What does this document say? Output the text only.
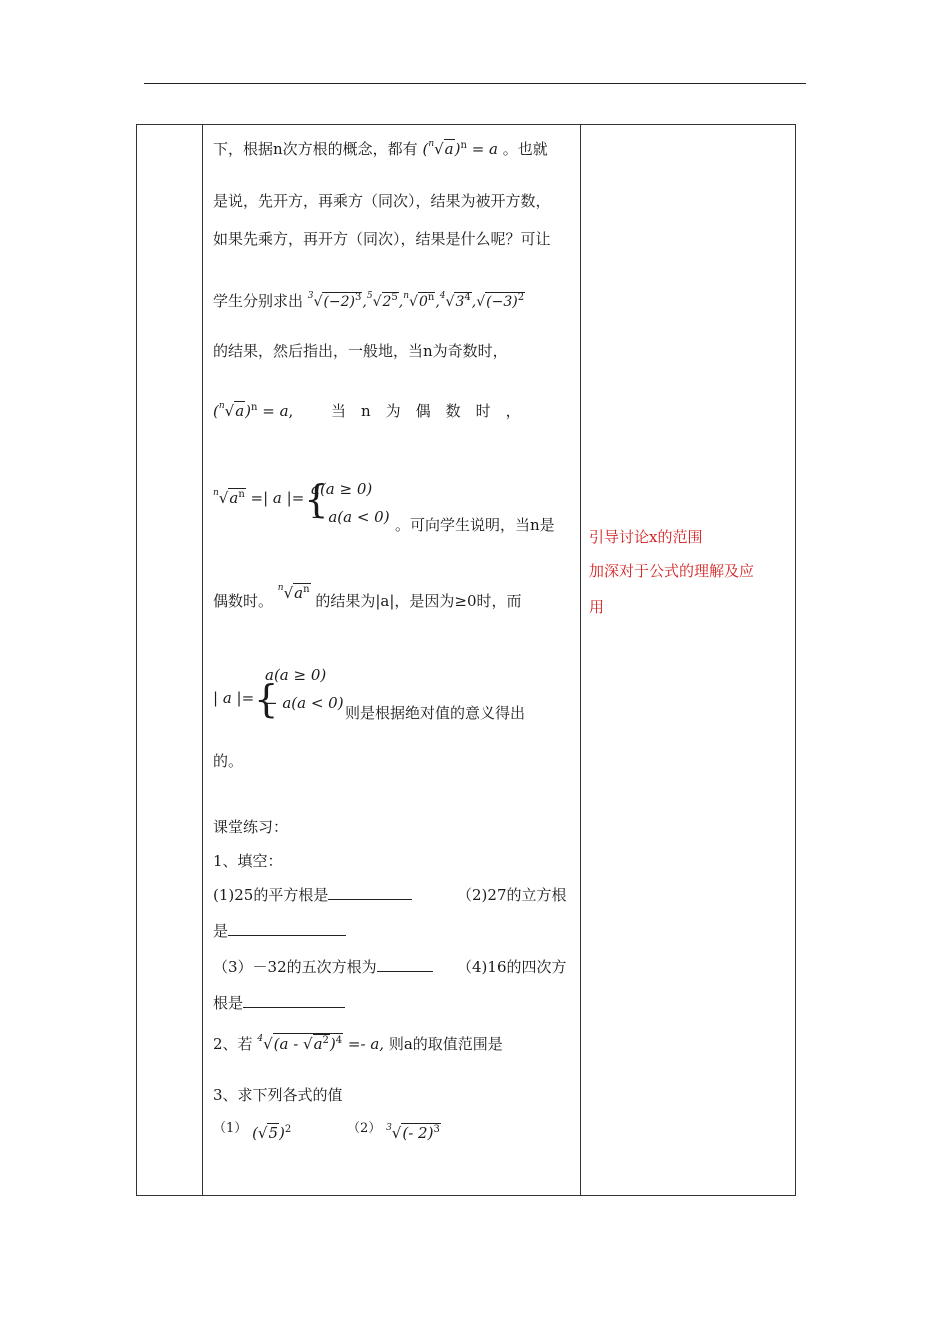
下，根据n次方根的概念，都有 $(^n√a)^n = a$ 。也就
是说，先开方，再乘方（同次），结果为被开方数，
如果先乘方，再开方（同次），结果是什么呢？可让
学生分别求出 $^3√(-2)^3,^5√2^5,^n√0^n,^4√3^4,√(-3)^2$
的结果，然后指出，一般地，当n为奇数时，
$(^n√a)^n = a$,	当　n　为　偶　数　时　，
$^n√a^n$ =| a |={
a(a ≥ 0)
− a(a < 0) 。可向学生说明，当n是
偶数时。 $^n√a^n$ 的结果为|a|，是因为≥0时，而
| a |={
a(a ≥ 0)
− a(a < 0)
则是根据绝对值的意义得出
的。
课堂练习：
1、填空：
(1)25的平方根是	（2)27的立方根
是
（3）－32的五次方根为	（4)16的四次方
根是
2、若 $^4√(a - √a^2)^4 =- a$, 则a的取值范围是
3、求下列各式的值
（1） $(√5)^2$	（2） $^3$√(- 2)$^3$
引导讨论x的范围
加深对于公式的理解及应
用
